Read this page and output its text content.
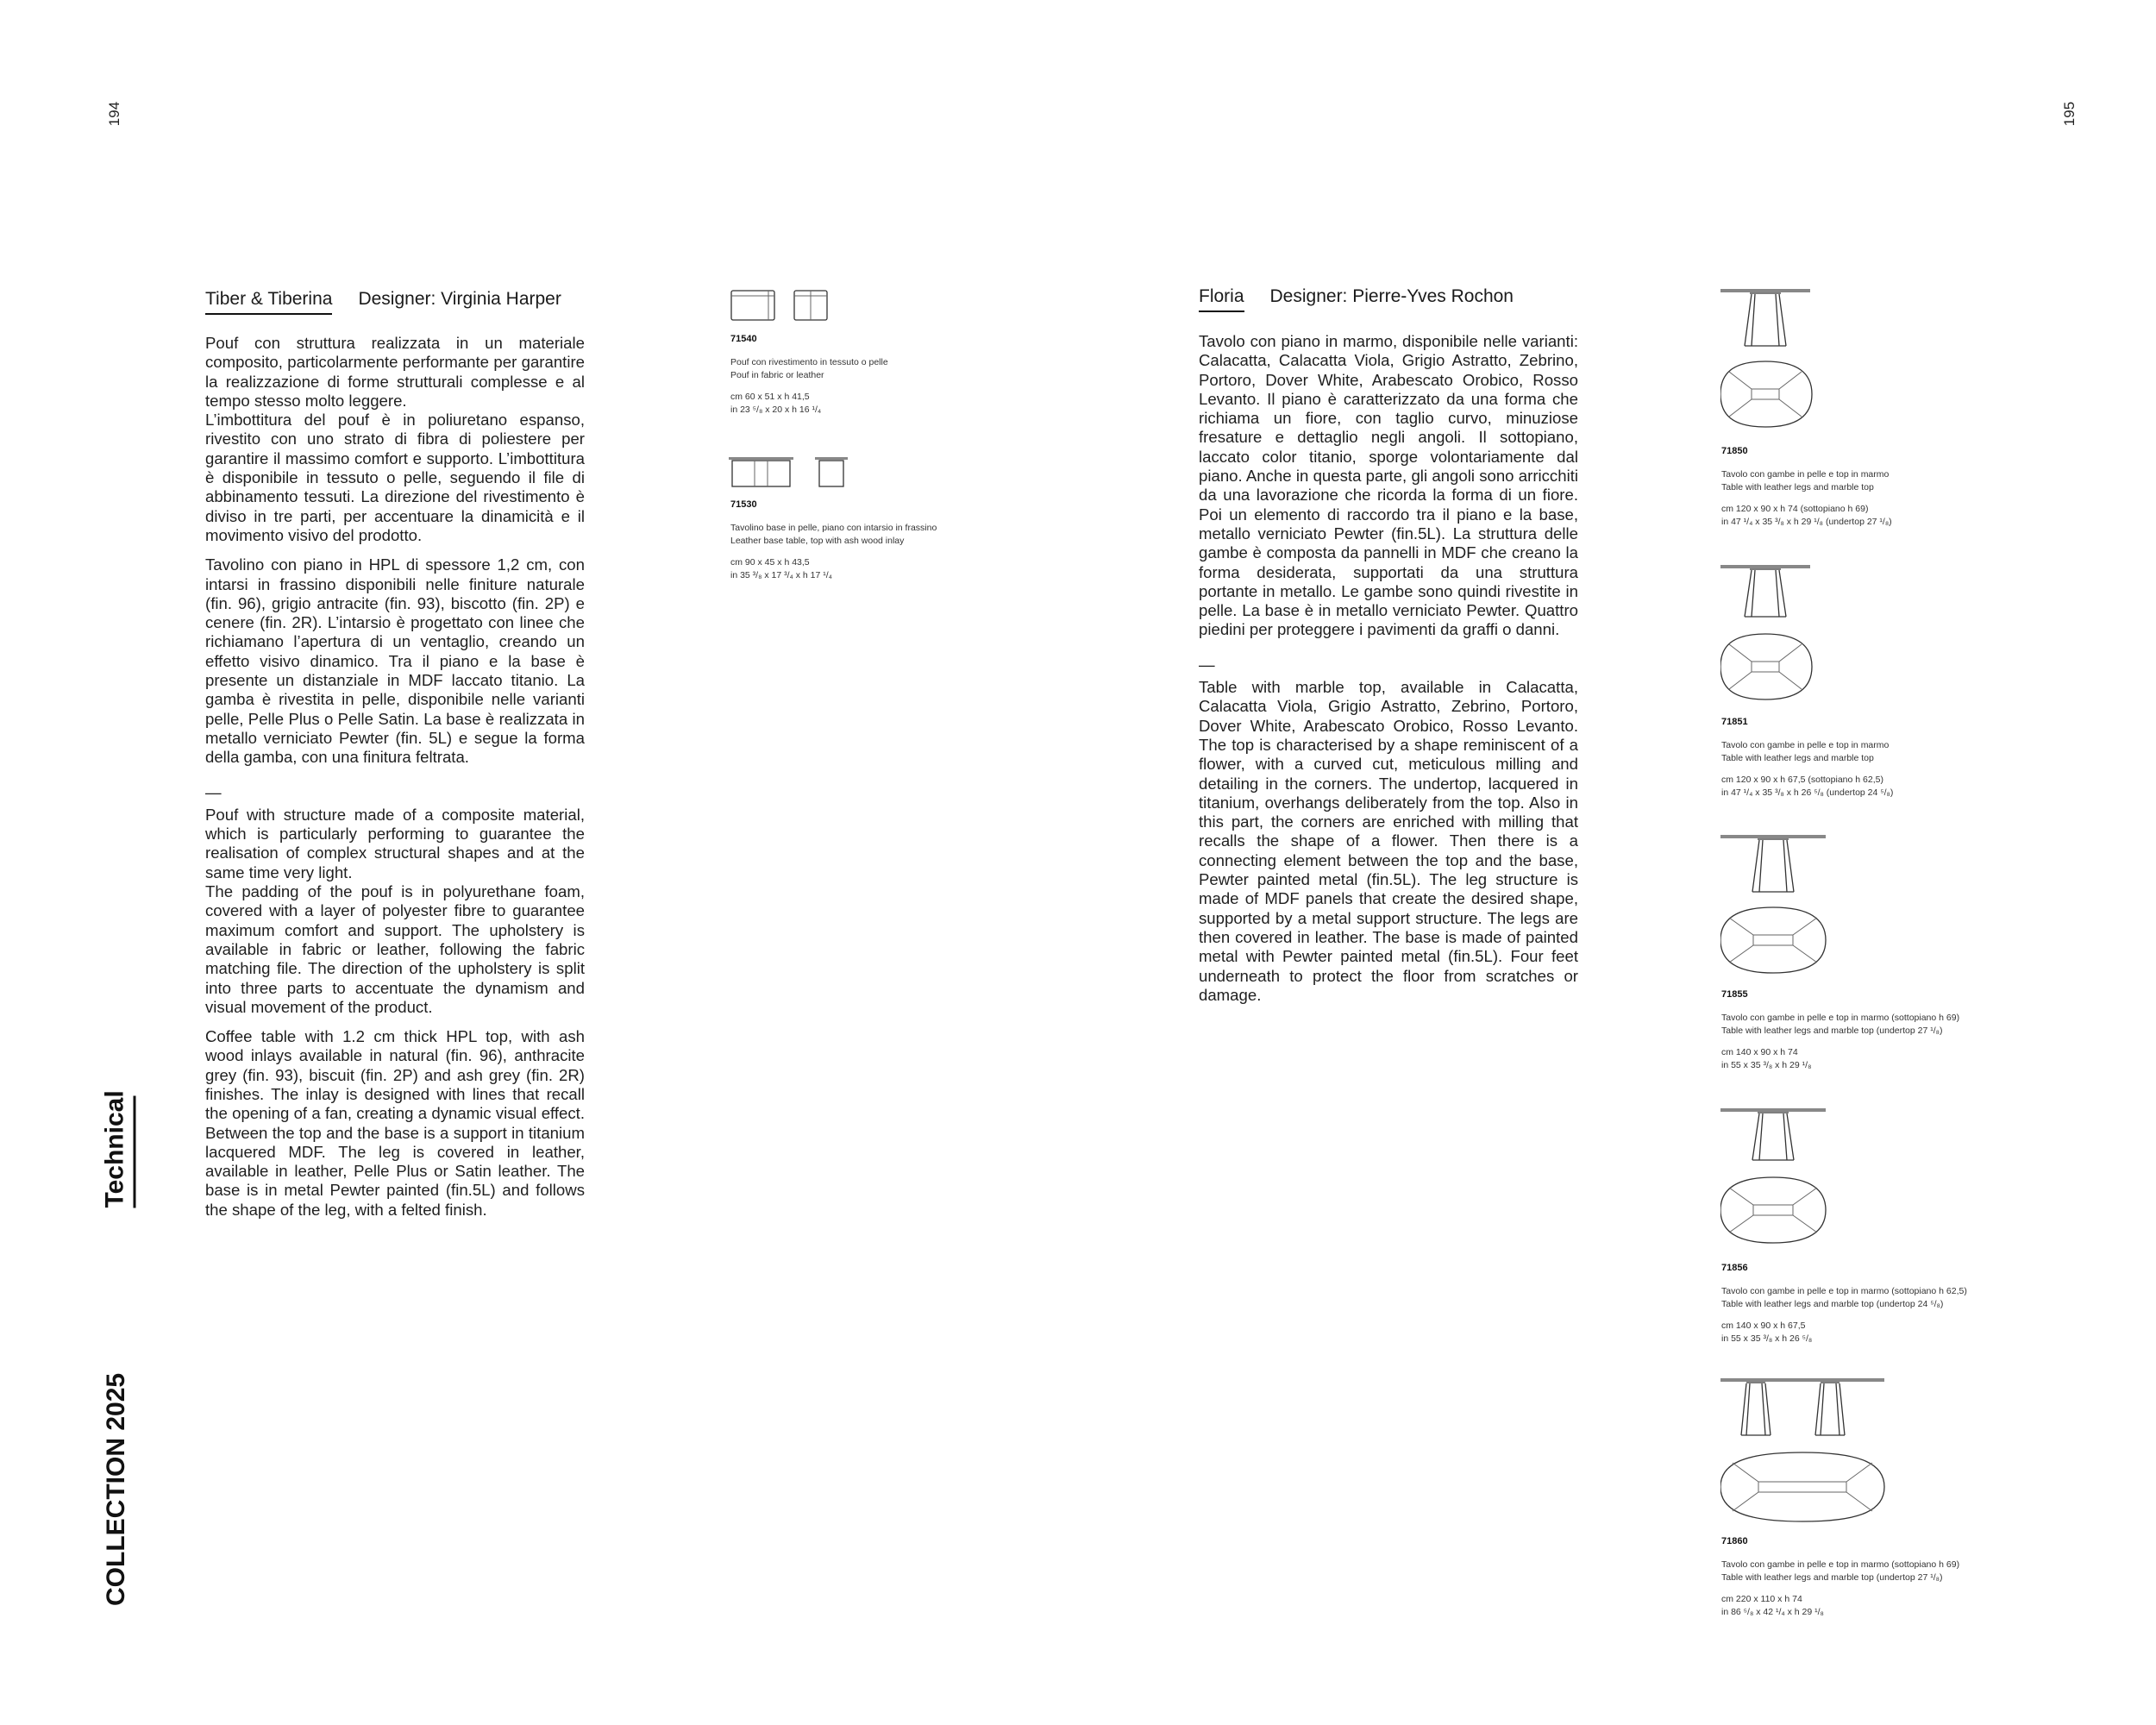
194	195
COLLECTION 2025
Technical
Tiber & Tiberina Designer: Virginia Harper

Pouf con struttura realizzata in un materiale composito, particolarmente performante per garantire la realizzazione di forme strutturali complesse e al tempo stesso molto leggere.
L’imbottitura del pouf è in poliuretano espanso, rivestito con uno strato di fibra di poliestere per garantire il massimo comfort e supporto. L’imbottitura è disponibile in tessuto o pelle, seguendo il file di abbinamento tessuti. La direzione del rivestimento è diviso in tre parti, per accentuare la dinamicità e il movimento visivo del prodotto.

Tavolino con piano in HPL di spessore 1,2 cm, con intarsi in frassino disponibili nelle finiture naturale (fin. 96), grigio antracite (fin. 93), biscotto (fin. 2P) e cenere (fin. 2R). L’intarsio è progettato con linee che richiamano l’apertura di un ventaglio, creando un effetto visivo dinamico. Tra il piano e la base è presente un distanziale in MDF laccato titanio. La gamba è rivestita in pelle, disponibile nelle varianti pelle, Pelle Plus o Pelle Satin. La base è realizzata in metallo verniciato Pewter (fin. 5L) e segue la forma della gamba, con una finitura feltrata.

—

Pouf with structure made of a composite material, which is particularly performing to guarantee the realisation of complex structural shapes and at the same time very light.
The padding of the pouf is in polyurethane foam, covered with a layer of polyester fibre to guarantee maximum comfort and support. The upholstery is available in fabric or leather, following the fabric matching file. The direction of the upholstery is split into three parts to accentuate the dynamism and visual movement of the product.

Coffee table with 1.2 cm thick HPL top, with ash wood inlays available in natural (fin. 96), anthracite grey (fin. 93), biscuit (fin. 2P) and ash grey (fin. 2R) finishes. The inlay is designed with lines that recall the opening of a fan, creating a dynamic visual effect. Between the top and the base is a support in titanium lacquered MDF. The leg is covered in leather, available in leather, Pelle Plus or Satin leather. The base is in metal Pewter painted (fin.5L) and follows the shape of the leg, with a felted finish.

71540
Pouf con rivestimento in tessuto o pelle
Pouf in fabric or leather
cm 60 x 51 x h 41,5
in 23 ⁵/₈ x 20 x h 16 ¹/₄
71530
Tavolino base in pelle, piano con intarsio in frassino
Leather base table, top with ash wood inlay
cm 90 x 45 x h 43,5
in 35 ³/₈ x 17 ³/₄ x h 17 ¹/₄
Floria Designer: Pierre-Yves Rochon

Tavolo con piano in marmo, disponibile nelle varianti: Calacatta, Calacatta Viola, Grigio Astratto, Zebrino, Portoro, Dover White, Arabescato Orobico, Rosso Levanto. Il piano è caratterizzato da una forma che richiama un fiore, con taglio curvo, minuziose fresature e dettaglio negli angoli. Il sottopiano, laccato color titanio, sporge volontariamente dal piano. Anche in questa parte, gli angoli sono arricchiti da una lavorazione che ricorda la forma di un fiore. Poi un elemento di raccordo tra il piano e la base, metallo verniciato Pewter (fin.5L). La struttura delle gambe è composta da pannelli in MDF che creano la forma desiderata, supportati da una struttura portante in metallo. Le gambe sono quindi rivestite in pelle. La base è in metallo verniciato Pewter. Quattro piedini per proteggere i pavimenti da graffi o danni.

—

Table with marble top, available in Calacatta, Calacatta Viola, Grigio Astratto, Zebrino, Portoro, Dover White, Arabescato Orobico, Rosso Levanto. The top is characterised by a shape reminiscent of a flower, with a curved cut, meticulous milling and detailing in the corners. The undertop, lacquered in titanium, overhangs deliberately from the top. Also in this part, the corners are enriched with milling that recalls the shape of a flower. Then there is a connecting element between the top and the base, Pewter painted metal (fin.5L). The leg structure is made of MDF panels that create the desired shape, supported by a metal support structure. The legs are then covered in leather. The base is made of painted metal with Pewter painted metal (fin.5L). Four feet underneath to protect the floor from scratches or damage.

71850
Tavolo con gambe in pelle e top in marmo
Table with leather legs and marble top
cm 120 x 90 x h 74 (sottopiano h 69)
in 47 ¹/₄ x 35 ³/₈ x h 29 ¹/₈ (undertop 27 ¹/₈)
71851
Tavolo con gambe in pelle e top in marmo
Table with leather legs and marble top
cm 120 x 90 x h 67,5 (sottopiano h 62,5)
in 47 ¹/₄ x 35 ³/₈ x h 26 ⁵/₈ (undertop 24 ⁵/₈)
71855
Tavolo con gambe in pelle e top in marmo (sottopiano h 69)
Table with leather legs and marble top (undertop 27 ¹/₈)
cm 140 x 90 x h 74
in 55 x 35 ³/₈ x h 29 ¹/₈
71856
Tavolo con gambe in pelle e top in marmo (sottopiano h 62,5)
Table with leather legs and marble top (undertop 24 ⁵/₈)
cm 140 x 90 x h 67,5
in 55 x 35 ³/₈ x h 26 ⁵/₈
71860
Tavolo con gambe in pelle e top in marmo (sottopiano h 69)
Table with leather legs and marble top (undertop 27 ¹/₈)
cm 220 x 110 x h 74
in 86 ⁵/₈ x 42 ¹/₄ x h 29 ¹/₈
